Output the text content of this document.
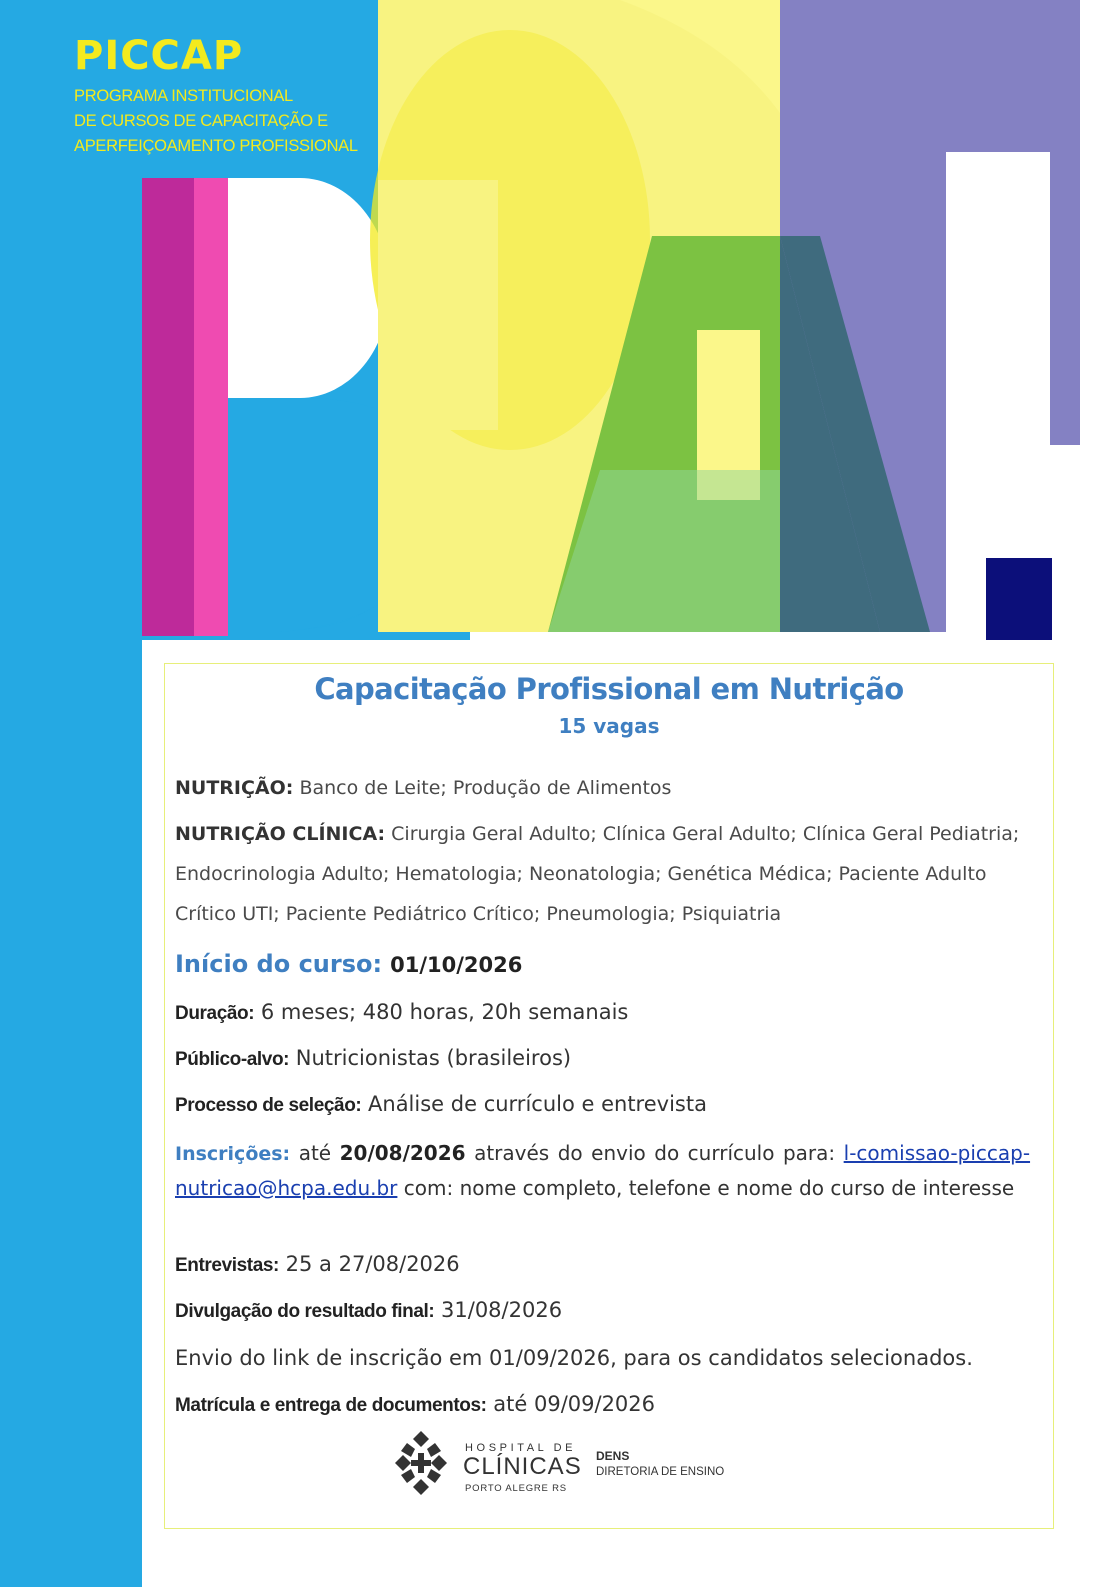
PICCAP
PROGRAMA INSTITUCIONAL
DE CURSOS DE CAPACITAÇÃO E
APERFEIÇOAMENTO PROFISSIONAL
Capacitação Profissional em Nutrição
15 vagas
NUTRIÇÃO: Banco de Leite; Produção de Alimentos
NUTRIÇÃO CLÍNICA: Cirurgia Geral Adulto; Clínica Geral Adulto; Clínica Geral Pediatria; Endocrinologia Adulto; Hematologia; Neonatologia; Genética Médica; Paciente Adulto Crítico UTI; Paciente Pediátrico Crítico; Pneumologia; Psiquiatria
Início do curso: 01/10/2026
Duração: 6 meses; 480 horas, 20h semanais
Público-alvo: Nutricionistas (brasileiros)
Processo de seleção: Análise de currículo e entrevista
Inscrições: até 20/08/2026 através do envio do currículo para: l-comissao-piccap-nutricao@hcpa.edu.br com: nome completo, telefone e nome do curso de interesse
Entrevistas: 25 a 27/08/2026
Divulgação do resultado final: 31/08/2026
Envio do link de inscrição em 01/09/2026, para os candidatos selecionados.
Matrícula e entrega de documentos: até 09/09/2026
HOSPITAL DE
CLÍNICAS
PORTO ALEGRE RS
DENS
DIRETORIA DE ENSINO
